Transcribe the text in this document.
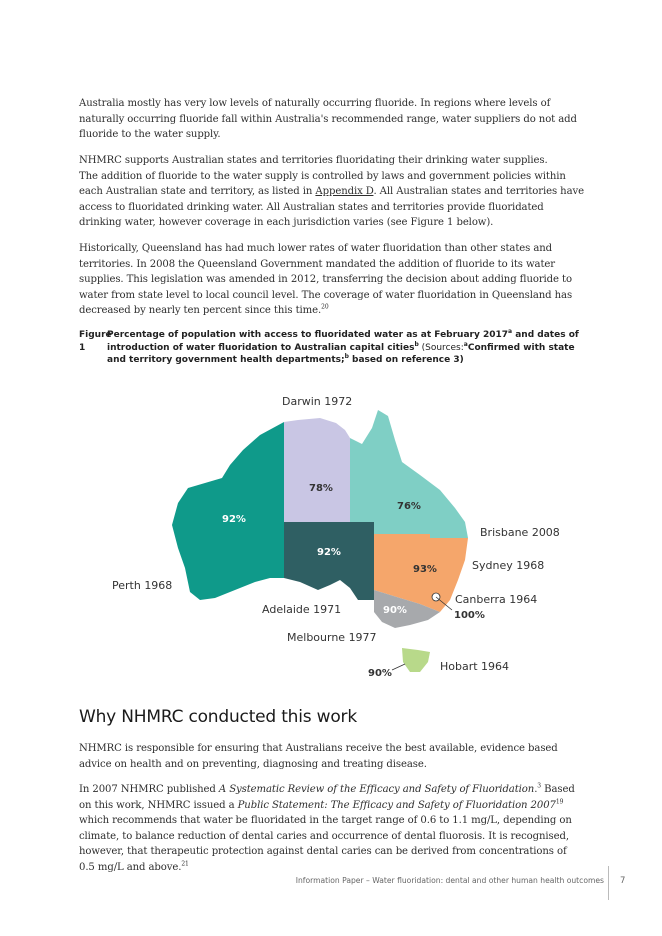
Australia mostly has very low levels of naturally occurring fluoride. In regions where levels of naturally occurring fluoride fall within Australia's recommended range, water suppliers do not add fluoride to the water supply.

NHMRC supports Australian states and territories fluoridating their drinking water supplies.
The addition of fluoride to the water supply is controlled by laws and government policies within each Australian state and territory, as listed in Appendix D. All Australian states and territories have access to fluoridated drinking water. All Australian states and territories provide fluoridated drinking water, however coverage in each jurisdiction varies (see Figure 1 below).

Historically, Queensland has had much lower rates of water fluoridation than other states and territories. In 2008 the Queensland Government mandated the addition of fluoride to its water supplies. This legislation was amended in 2012, transferring the decision about adding fluoride to water from state level to local council level. The coverage of water fluoridation in Queensland has decreased by nearly ten percent since this time.$^{20}$

Figure 1
Percentage of population with access to fluoridated water as at February 2017$^a$ and dates of introduction of water fluoridation to Australian capital cities$^b$ (Sources:$^a$Confirmed with state and territory government health departments;$^b$ based on reference 3)
92%
78%
76%
92%
93%
90%	100%
90%
Darwin 1972
Brisbane 2008
Sydney 1968
Perth 1968
Canberra 1964
Adelaide 1971
Melbourne 1977
Hobart 1964
Why NHMRC conducted this work

NHMRC is responsible for ensuring that Australians receive the best available, evidence based advice on health and on preventing, diagnosing and treating disease.

In 2007 NHMRC published A Systematic Review of the Efficacy and Safety of Fluoridation.$^3$ Based on this work, NHMRC issued a Public Statement: The Efficacy and Safety of Fluoridation 2007$^{19}$ which recommends that water be fluoridated in the target range of 0.6 to 1.1 mg/L, depending on climate, to balance reduction of dental caries and occurrence of dental fluorosis. It is recognised, however, that therapeutic protection against dental caries can be derived from concentrations of 0.5 mg/L and above.$^{21}$

Information Paper – Water fluoridation: dental and other human health outcomes 7
